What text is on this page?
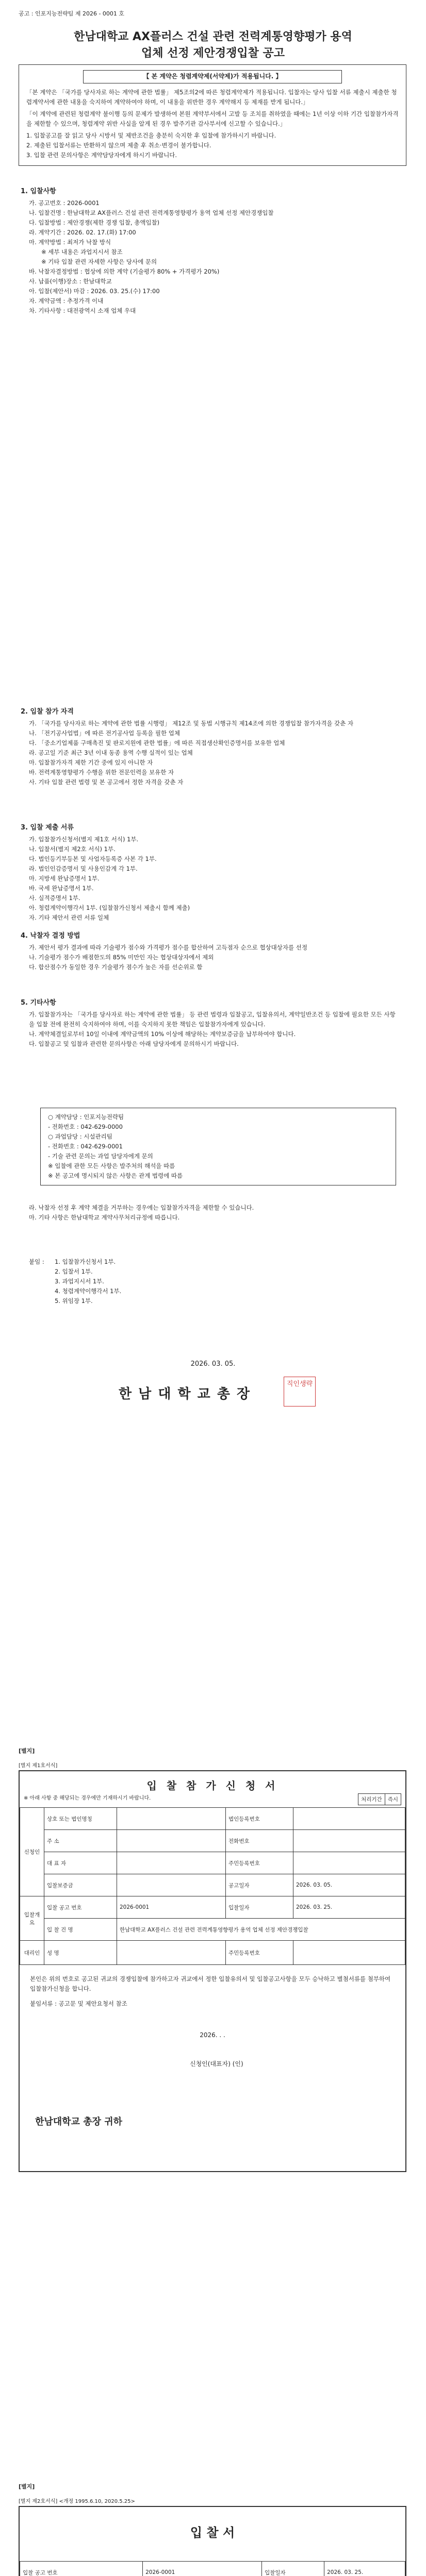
공고 : 인포지능전략팀 제 2026 - 0001 호
한남대학교 AX플러스 건설 관련 전력계통영향평가 용역
업체 선정 제안경쟁입찰 공고
【 본 계약은 청렴계약제(서약제)가 적용됩니다. 】
「본 계약은 「국가를 당사자로 하는 계약에 관한 법률」 제5조의2에 따른 청렴계약제가 적용됩니다. 입찰자는 당사 입찰 서류 제출시 제출한 청렴계약서에 관한 내용을 숙지하여 계약하여야 하며, 이 내용을 위반한 경우 계약해지 등 제재를 받게 됩니다.」
「이 계약에 관련된 청렴계약 불이행 등의 문제가 발생하여 본원 계약부서에서 고발 등 조치를 취하였을 때에는 1년 이상 이하 기간 입찰참가자격을 제한할 수 있으며, 청렴계약 위반 사실을 알게 된 경우 발주기관 감사부서에 신고할 수 있습니다.」
1. 입찰공고를 잘 읽고 당사 시방서 및 제반조건을 충분히 숙지한 후 입찰에 참가하시기 바랍니다.
2. 제출된 입찰서류는 반환하지 않으며 제출 후 취소·변경이 불가합니다.
3. 입찰 관련 문의사항은 계약담당자에게 하시기 바랍니다.
1. 입찰사항
가. 공고번호 : 2026-0001
나. 입찰건명 : 한남대학교 AX플러스 건설 관련 전력계통영향평가 용역 업체 선정 제안경쟁입찰
다. 입찰방법 : 제안경쟁(제한 경쟁 입찰, 총액입찰)
라. 계약기간 : 2026. 02. 17.(화) 17:00
마. 계약방법 : 최저가 낙찰 방식
※ 세부 내용은 과업지시서 참조
※ 기타 입찰 관련 자세한 사항은 당사에 문의
바. 낙찰자결정방법 : 협상에 의한 계약 (기술평가 80% + 가격평가 20%)
사. 납품(이행)장소 : 한남대학교
아. 입찰(제안서) 마감 : 2026. 03. 25.(수) 17:00
자. 계약금액 : 추정가격 이내
차. 기타사항 : 대전광역시 소재 업체 우대
2. 입찰 참가 자격
가. 「국가를 당사자로 하는 계약에 관한 법률 시행령」 제12조 및 동법 시행규칙 제14조에 의한 경쟁입찰 참가자격을 갖춘 자
나. 「전기공사업법」에 따른 전기공사업 등록을 필한 업체
다. 「중소기업제품 구매촉진 및 판로지원에 관한 법률」에 따른 직접생산확인증명서를 보유한 업체
라. 공고일 기준 최근 3년 이내 동종 용역 수행 실적이 있는 업체
마. 입찰참가자격 제한 기간 중에 있지 아니한 자
바. 전력계통영향평가 수행을 위한 전문인력을 보유한 자
사. 기타 입찰 관련 법령 및 본 공고에서 정한 자격을 갖춘 자
3. 입찰 제출 서류
가. 입찰참가신청서(별지 제1호 서식) 1부.
나. 입찰서(별지 제2호 서식) 1부.
다. 법인등기부등본 및 사업자등록증 사본 각 1부.
라. 법인인감증명서 및 사용인감계 각 1부.
마. 지방세 완납증명서 1부.
바. 국세 완납증명서 1부.
사. 실적증명서 1부.
아. 청렴계약이행각서 1부. (입찰참가신청서 제출시 함께 제출)
자. 기타 제안서 관련 서류 일체
4. 낙찰자 결정 방법
가. 제안서 평가 결과에 따라 기술평가 점수와 가격평가 점수를 합산하여 고득점자 순으로 협상대상자를 선정
나. 기술평가 점수가 배점한도의 85% 미만인 자는 협상대상자에서 제외
다. 합산점수가 동일한 경우 기술평가 점수가 높은 자를 선순위로 함
5. 기타사항
가. 입찰참가자는 「국가를 당사자로 하는 계약에 관한 법률」 등 관련 법령과 입찰공고, 입찰유의서, 계약일반조건 등 입찰에 필요한 모든 사항을 입찰 전에 완전히 숙지하여야 하며, 이를 숙지하지 못한 책임은 입찰참가자에게 있습니다.
나. 계약체결일로부터 10일 이내에 계약금액의 10% 이상에 해당하는 계약보증금을 납부하여야 합니다.
다. 입찰공고 및 입찰과 관련한 문의사항은 아래 담당자에게 문의하시기 바랍니다.
○ 계약담당 : 인포지능전략팀
- 전화번호 : 042-629-0000
○ 과업담당 : 시설관리팀
- 전화번호 : 042-629-0001
- 기술 관련 문의는 과업 담당자에게 문의
※ 입찰에 관한 모든 사항은 발주처의 해석을 따름
※ 본 공고에 명시되지 않은 사항은 관계 법령에 따름
라. 낙찰자 선정 후 계약 체결을 거부하는 경우에는 입찰참가자격을 제한할 수 있습니다.
마. 기타 사항은 한남대학교 계약사무처리규정에 따릅니다.
붙임 :	1. 입찰참가신청서 1부.
2. 입찰서 1부.
3. 과업지시서 1부.
4. 청렴계약이행각서 1부.
5. 위임장 1부.
2026. 03. 05.
한 남 대 학 교 총 장
직인생략
[별지]
[별지 제1호서식]
입 찰 참 가 신 청 서
※ 아래 사항 중 해당되는 경우에만 기재하시기 바랍니다.	처리기간	즉시
신청인	상호 또는 법인명칭		법인등록번호	
	주 소		전화번호	
	대 표 자		주민등록번호	
	입찰보증금		공고일자	2026. 03. 05.
입찰개요	입찰 공고 번호	2026-0001	입찰일자	2026. 03. 25.
	입 찰 건 명	한남대학교 AX플러스 건설 관련 전력계통영향평가 용역 업체 선정 제안경쟁입찰		
대리인	성 명		주민등록번호	
본인은 위의 번호로 공고된 귀교의 경쟁입찰에 참가하고자 귀교에서 정한 입찰유의서 및 입찰공고사항을 모두 승낙하고 별첨서류를 첨부하여 입찰참가신청을 합니다.
붙임서류 : 공고문 및 제안요청서 참조
2026. . .
신청인(대표자) (인)
한남대학교 총장 귀하
[별지]
[별지 제2호서식] <개정 1995.6.10, 2020.5.25>
입 찰 서
입찰 공고 번호		2026-0001	입찰일자	2026. 03. 25.
